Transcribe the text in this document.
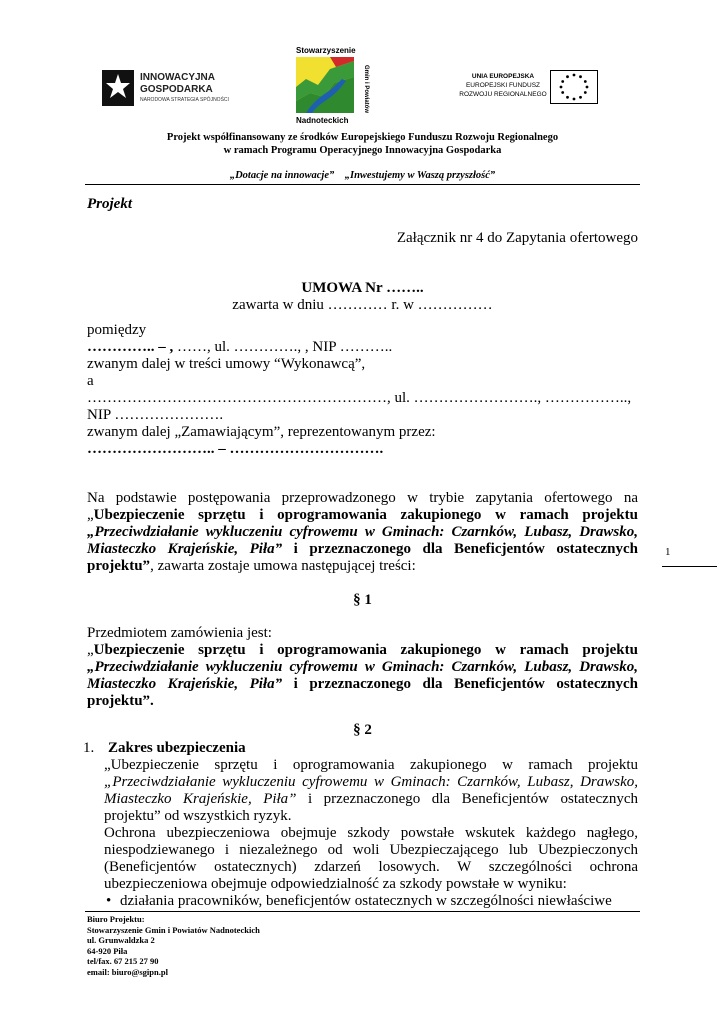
INNOWACYJNA
GOSPODARKA
NARODOWA STRATEGIA SPÓJNOŚCI
Stowarzyszenie
Gmin i Powiatów
Nadnoteckich
UNIA EUROPEJSKA
EUROPEJSKI FUNDUSZ
ROZWOJU REGIONALNEGO
Projekt współfinansowany ze środków Europejskiego Funduszu Rozwoju Regionalnego
w ramach Programu Operacyjnego Innowacyjna Gospodarka
„Dotacje na innowacje”    „Inwestujemy w Waszą przyszłość”
Projekt
Załącznik nr 4 do Zapytania ofertowego
UMOWA Nr ……..
zawarta w dniu ………… r. w ……………
pomiędzy
………….. – , ……, ul. …………., , NIP ………..
zwanym dalej w treści umowy “Wykonawcą”,
a
……………………………………………………, ul. ……………………., ……………..,
NIP ………………….
zwanym dalej „Zamawiającym”, reprezentowanym przez:
…………………….. – ………………………….
Na podstawie postępowania przeprowadzonego w trybie zapytania ofertowego na „Ubezpieczenie sprzętu i oprogramowania zakupionego w ramach projektu „Przeciwdziałanie wykluczeniu cyfrowemu w Gminach: Czarnków, Lubasz, Drawsko, Miasteczko Krajeńskie, Piła” i przeznaczonego dla Beneficjentów ostatecznych projektu”, zawarta zostaje umowa następującej treści:
§ 1
Przedmiotem zamówienia jest:
„Ubezpieczenie sprzętu i oprogramowania zakupionego w ramach projektu „Przeciwdziałanie wykluczeniu cyfrowemu w Gminach: Czarnków, Lubasz, Drawsko, Miasteczko Krajeńskie, Piła” i przeznaczonego dla Beneficjentów ostatecznych projektu”.
§ 2
1. Zakres ubezpieczenia
„Ubezpieczenie sprzętu i oprogramowania zakupionego w ramach projektu „Przeciwdziałanie wykluczeniu cyfrowemu w Gminach: Czarnków, Lubasz, Drawsko, Miasteczko Krajeńskie, Piła” i przeznaczonego dla Beneficjentów ostatecznych projektu” od wszystkich ryzyk.
Ochrona ubezpieczeniowa obejmuje szkody powstałe wskutek każdego nagłego, niespodziewanego i niezależnego od woli Ubezpieczającego lub Ubezpieczonych (Beneficjentów ostatecznych) zdarzeń losowych. W szczególności ochrona ubezpieczeniowa obejmuje odpowiedzialność za szkody powstałe w wyniku:
• działania pracowników, beneficjentów ostatecznych w szczególności niewłaściwe
1
Biuro Projektu:
Stowarzyszenie Gmin i Powiatów Nadnoteckich
ul. Grunwaldzka 2
64-920 Piła
tel/fax. 67 215 27 90
email: biuro@sgipn.pl
